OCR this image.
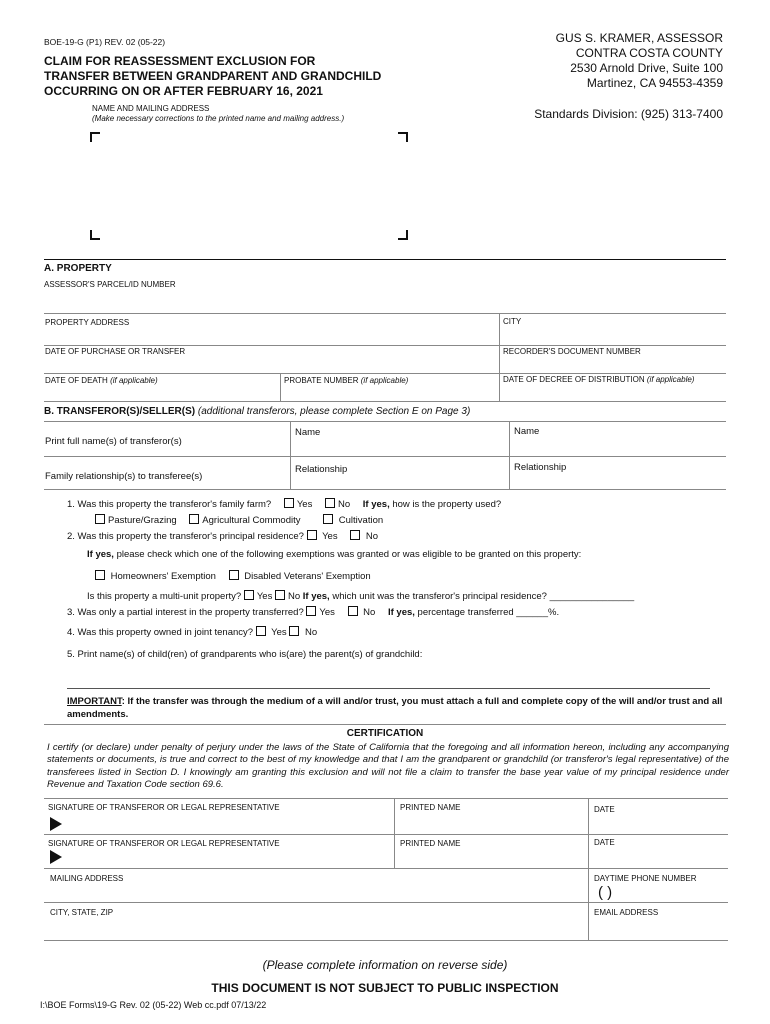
BOE-19-G (P1) REV. 02 (05-22)
CLAIM FOR REASSESSMENT EXCLUSION FOR
TRANSFER BETWEEN GRANDPARENT AND GRANDCHILD
OCCURRING ON OR AFTER FEBRUARY 16, 2021
GUS S. KRAMER, ASSESSOR
CONTRA COSTA COUNTY
2530 Arnold Drive, Suite 100
Martinez, CA 94553-4359
Standards Division: (925) 313-7400
NAME AND MAILING ADDRESS
(Make necessary corrections to the printed name and mailing address.)
A. PROPERTY
ASSESSOR'S PARCEL/ID NUMBER
PROPERTY ADDRESS	CITY
DATE OF PURCHASE OR TRANSFER	RECORDER'S DOCUMENT NUMBER
DATE OF DEATH (if applicable)	PROBATE NUMBER (if applicable)	DATE OF DECREE OF DISTRIBUTION (if applicable)
B. TRANSFEROR(S)/SELLER(S) (additional transferors, please complete Section E on Page 3)
Print full name(s) of transferor(s)
Name	Name
Family relationship(s) to transferee(s)
Relationship	Relationship
1. Was this property the transferor's family farm?	Yes	No If yes, how is the property used?
Pasture/Grazing	Agricultural Commodity	Cultivation
2. Was this property the transferor's principal residence? Yes	No
If yes, please check which one of the following exemptions was granted or was eligible to be granted on this property:
Homeowners' Exemption	Disabled Veterans' Exemption
Is this property a multi-unit property? Yes No If yes, which unit was the transferor's principal residence? ________________
3. Was only a partial interest in the property transferred? Yes	No If yes, percentage transferred ______%.
4. Was this property owned in joint tenancy? Yes No
5. Print name(s) of child(ren) of grandparents who is(are) the parent(s) of grandchild:
IMPORTANT: If the transfer was through the medium of a will and/or trust, you must attach a full and complete copy of the will and/or trust and all amendments.
CERTIFICATION
I certify (or declare) under penalty of perjury under the laws of the State of California that the foregoing and all information hereon, including any accompanying statements or documents, is true and correct to the best of my knowledge and that I am the grandparent or grandchild (or transferor's legal representative) of the transferees listed in Section D. I knowingly am granting this exclusion and will not file a claim to transfer the base year value of my principal residence under Revenue and Taxation Code section 69.6.
SIGNATURE OF TRANSFEROR OR LEGAL REPRESENTATIVE	PRINTED NAME	DATE
SIGNATURE OF TRANSFEROR OR LEGAL REPRESENTATIVE	PRINTED NAME	DATE
MAILING ADDRESS	DAYTIME PHONE NUMBER
( )
CITY, STATE, ZIP	EMAIL ADDRESS
(Please complete information on reverse side)
THIS DOCUMENT IS NOT SUBJECT TO PUBLIC INSPECTION
I:\BOE Forms\19-G Rev. 02 (05-22) Web cc.pdf 07/13/22
